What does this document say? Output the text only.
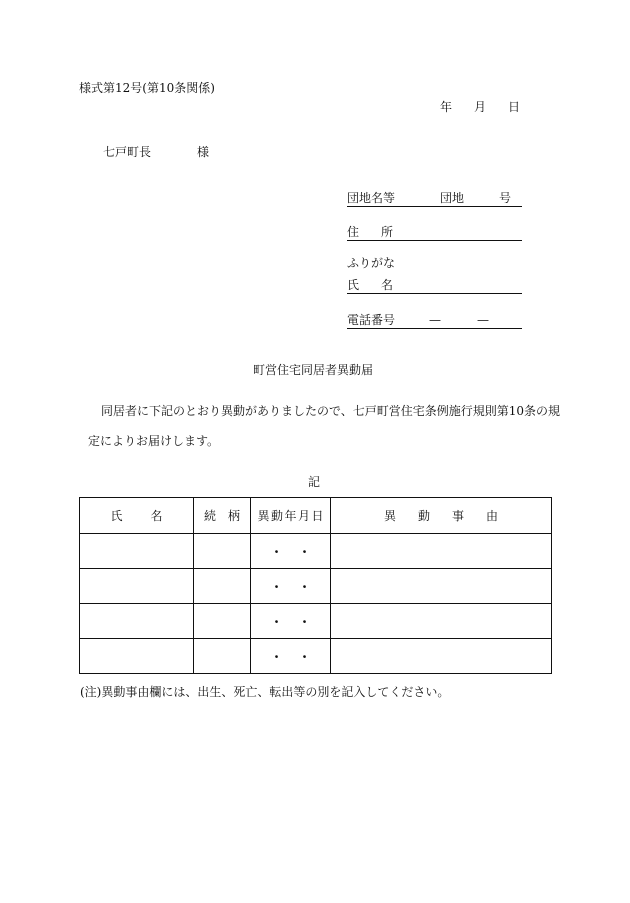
様式第12号(第10条関係)
年 月 日
七戸町長	様
団地名等	団地	号
住 所
ふりがな
氏 名
電話番号	—	—
町営住宅同居者異動届
同居者に下記のとおり異動がありましたので、七戸町営住宅条例施行規則第10条の規
定によりお届けします。
記
氏 名	続 柄	異 動 年 月 日	異 動 事 由

		・ ・	

		・ ・	

		・ ・	

		・ ・	

(注)異動事由欄には、出生、死亡、転出等の別を記入してください。
